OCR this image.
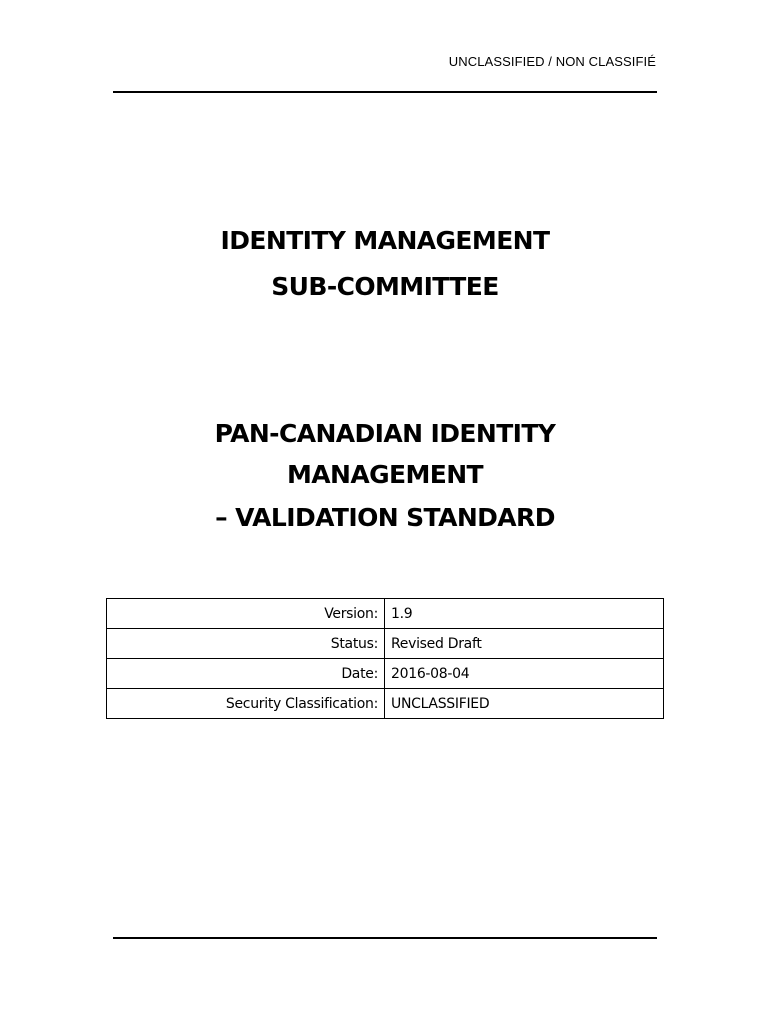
UNCLASSIFIED / NON CLASSIFIÉ
IDENTITY MANAGEMENT
SUB-COMMITTEE
PAN-CANADIAN IDENTITY
MANAGEMENT
– VALIDATION STANDARD
Version:	1.9
Status:	Revised Draft
Date:	2016-08-04
Security Classification:	UNCLASSIFIED
